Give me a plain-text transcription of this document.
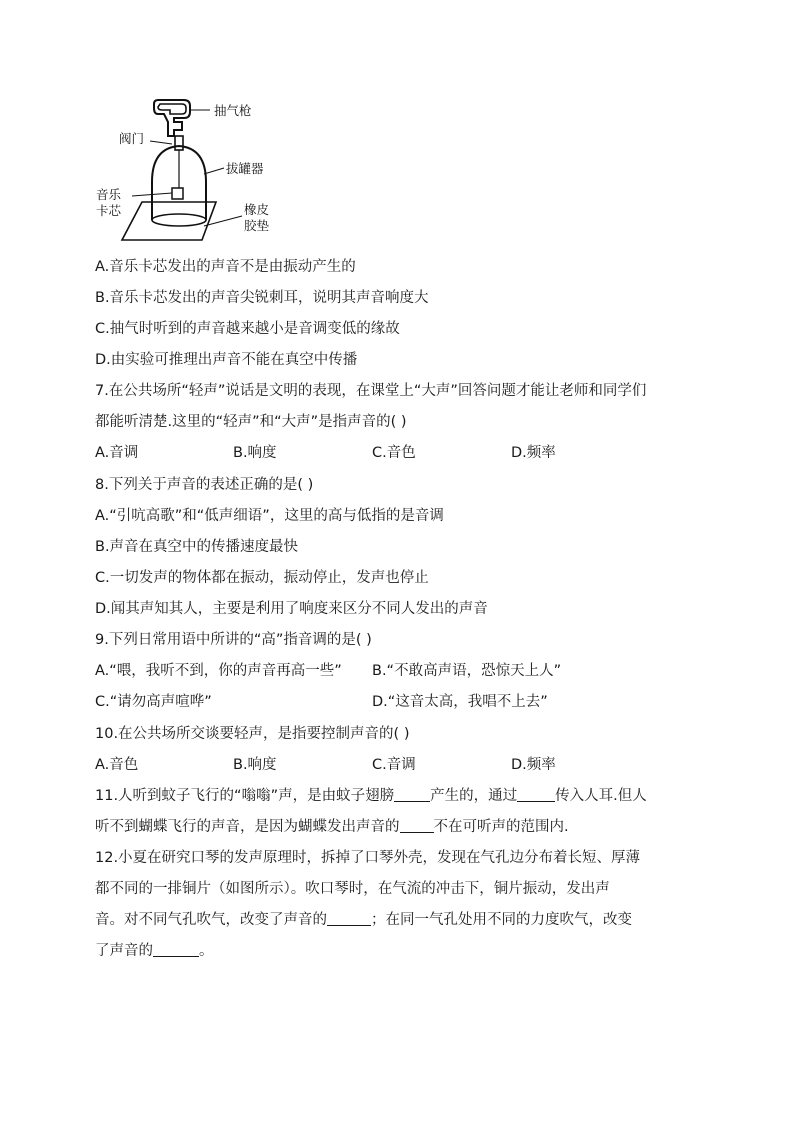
抽气枪
阀门
拔罐器
音乐
卡芯	橡皮
胶垫
A.音乐卡芯发出的声音不是由振动产生的
B.音乐卡芯发出的声音尖锐刺耳，说明其声音响度大
C.抽气时听到的声音越来越小是音调变低的缘故
D.由实验可推理出声音不能在真空中传播
7.在公共场所“轻声”说话是文明的表现，在课堂上“大声”回答问题才能让老师和同学们
都能听清楚.这里的“轻声”和“大声”是指声音的( )
A.音调	B.响度	C.音色	D.频率
8.下列关于声音的表述正确的是( )
A.“引吭高歌”和“低声细语”，这里的高与低指的是音调
B.声音在真空中的传播速度最快
C.一切发声的物体都在振动，振动停止，发声也停止
D.闻其声知其人，主要是利用了响度来区分不同人发出的声音
9.下列日常用语中所讲的“高”指音调的是( )
A.“喂，我听不到，你的声音再高一些” B.“不敢高声语，恐惊天上人”
C.“请勿高声喧哗”	D.“这音太高，我唱不上去”
10.在公共场所交谈要轻声，是指要控制声音的( )
A.音色	B.响度	C.音调	D.频率
11.人听到蚊子飞行的“嗡嗡”声，是由蚊子翅膀 产生的，通过	传入人耳.但人
听不到蝴蝶飞行的声音，是因为蝴蝶发出声音的 不在可听声的范围内.
12.小夏在研究口琴的发声原理时，拆掉了口琴外壳，发现在气孔边分布着长短、厚薄
都不同的一排铜片（如图所示）。吹口琴时，在气流的冲击下，铜片振动，发出声
音。对不同气孔吹气，改变了声音的	；在同一气孔处用不同的力度吹气，改变
了声音的	。
